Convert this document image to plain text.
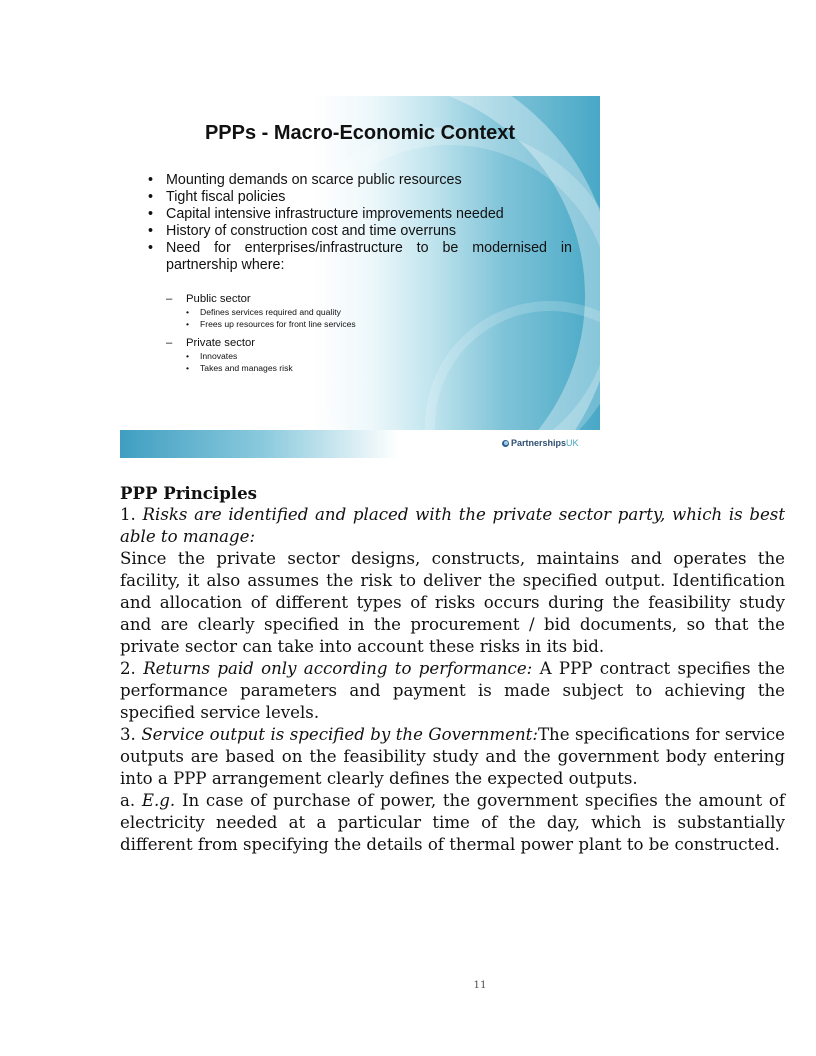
PPPs - Macro-Economic Context
• Mounting demands on scarce public resources
• Tight fiscal policies
• Capital intensive infrastructure improvements needed
• History of construction cost and time overruns
• Need for enterprises/infrastructure to be modernised in partnership where:
– Public sector
• Defines services required and quality
• Frees up resources for front line services
– Private sector
• Innovates
• Takes and manages risk
Partnerships UK

PPP Principles

1. Risks are identified and placed with the private sector party, which is best able to manage:

Since the private sector designs, constructs, maintains and operates the facility, it also assumes the risk to deliver the specified output. Identification and allocation of different types of risks occurs during the feasibility study and are clearly specified in the procurement / bid documents, so that the private sector can take into account these risks in its bid.

2. Returns paid only according to performance: A PPP contract specifies the performance parameters and payment is made subject to achieving the specified service levels.

3. Service output is specified by the Government:The specifications for service outputs are based on the feasibility study and the government body entering into a PPP arrangement clearly defines the expected outputs.

a. E.g. In case of purchase of power, the government specifies the amount of electricity needed at a particular time of the day, which is substantially different from specifying the details of thermal power plant to be constructed.

11
